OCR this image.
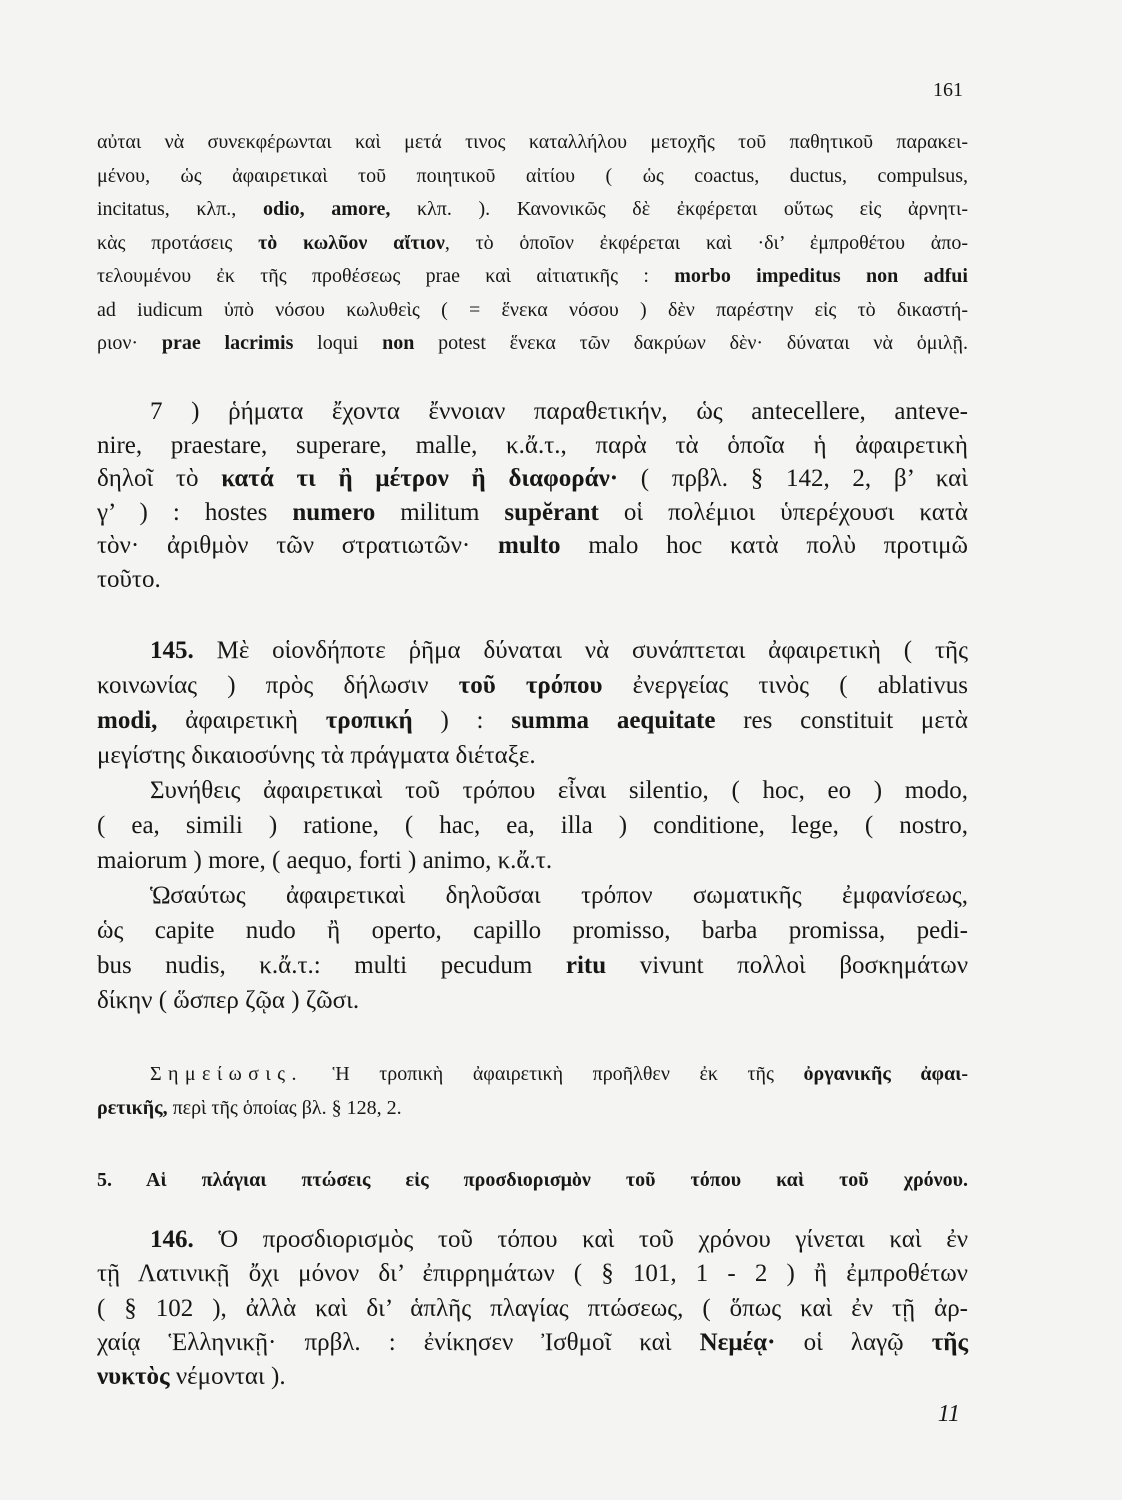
161
αὐται νὰ συνεκφέρωνται καὶ μετά τινος καταλλήλου μετοχῆς τοῦ παθητικοῦ παρακει-
μένου, ὡς ἀφαιρετικαὶ τοῦ ποιητικοῦ αἰτίου ( ὡς coactus, ductus, compulsus,
incitatus, κλπ., odio, amore, κλπ. ). Κανονικῶς δὲ ἐκφέρεται οὕτως εἰς ἀρνητι-
κὰς προτάσεις τὸ κωλῦον αἴτιον, τὸ ὁποῖον ἐκφέρεται καὶ ·δι’ ἐμπροθέτου ἀπο-
τελουμένου ἐκ τῆς προθέσεως prae καὶ αἰτιατικῆς : morbo impeditus non adfui
ad iudicum ὑπὸ νόσου κωλυθεὶς ( = ἕνεκα νόσου ) δὲν παρέστην εἰς τὸ δικαστή-
ριον· prae lacrimis loqui non potest ἕνεκα τῶν δακρύων δὲν· δύναται νὰ ὁμιλῇ.
7 ) ῥήματα ἔχοντα ἔννοιαν παραθετικήν, ὡς antecellere, anteve-
nire, praestare, superare, malle, κ.ἄ.τ., παρὰ τὰ ὁποῖα ἡ ἀφαιρετικὴ
δηλοῖ τὸ κατά τι ἢ μέτρον ἢ διαφοράν· ( πρβλ. § 142, 2, β’ καὶ
γ’ ) : hostes numero militum supĕrant οἱ πολέμιοι ὑπερέχουσι κατὰ
τὸν· ἀριθμὸν τῶν στρατιωτῶν· multo malo hoc κατὰ πολὺ προτιμῶ
τοῦτο.
145. Μὲ οἱονδήποτε ῥῆμα δύναται νὰ συνάπτεται ἀφαιρετικὴ ( τῆς
κοινωνίας ) πρὸς δήλωσιν τοῦ τρόπου ἐνεργείας τινὸς ( ablativus
modi, ἀφαιρετικὴ τροπική ) : summa aequitate res constituit μετὰ
μεγίστης δικαιοσύνης τὰ πράγματα διέταξε.
Συνήθεις ἀφαιρετικαὶ τοῦ τρόπου εἶναι silentio, ( hoc, eo ) modo,
( ea, simili ) ratione, ( hac, ea, illa ) conditione, lege, ( nostro,
maiorum ) more, ( aequo, forti ) animo, κ.ἄ.τ.
Ὡσαύτως ἀφαιρετικαὶ δηλοῦσαι τρόπον σωματικῆς ἐμφανίσεως,
ὡς capite nudo ἢ operto, capillo promisso, barba promissa, pedi-
bus nudis, κ.ἄ.τ.: multi pecudum ritu vivunt πολλοὶ βοσκημάτων
δίκην ( ὥσπερ ζῷα ) ζῶσι.
Σημείωσις. Ἡ τροπικὴ ἀφαιρετικὴ προῆλθεν ἐκ τῆς ὀργανικῆς ἀφαι-
ρετικῆς, περὶ τῆς ὁποίας βλ. § 128, 2.
5. Αἱ πλάγιαι πτώσεις εἰς προσδιορισμὸν τοῦ τόπου καὶ τοῦ χρόνου.
146. Ὁ προσδιορισμὸς τοῦ τόπου καὶ τοῦ χρόνου γίνεται καὶ ἐν
τῇ Λατινικῇ ὄχι μόνον δι’ ἐπιρρημάτων ( § 101, 1 - 2 ) ἢ ἐμπροθέτων
( § 102 ), ἀλλὰ καὶ δι’ ἁπλῆς πλαγίας πτώσεως, ( ὅπως καὶ ἐν τῇ ἀρ-
χαίᾳ Ἑλληνικῇ· πρβλ. : ἐνίκησεν Ἰσθμοῖ καὶ Νεμέᾳ· οἱ λαγῷ τῆς
νυκτὸς νέμονται ).
11
